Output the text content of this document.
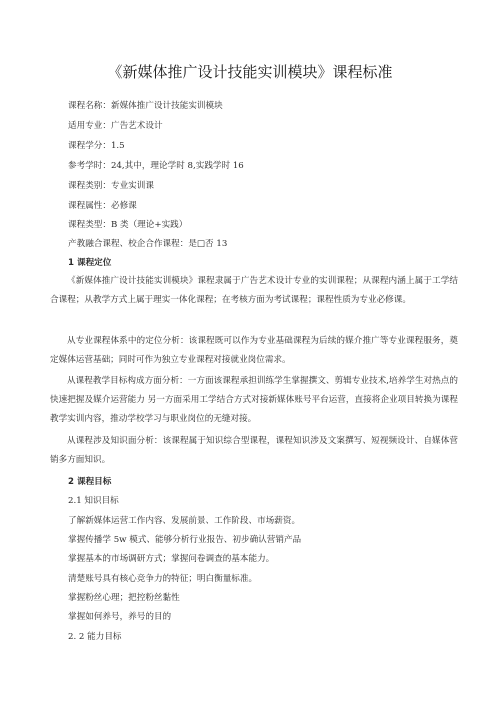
《新媒体推广设计技能实训模块》课程标准
课程名称：新媒体推广设计技能实训模块
适用专业：广告艺术设计
课程学分：1.5
参考学时：24,其中，理论学时 8,实践学时 16
课程类别：专业实训课
课程属性：必修课
课程类型：B 类（理论+实践）
产教融合课程、校企合作课程：是□否 13
1 课程定位
《新媒体推广设计技能实训模块》课程隶属于广告艺术设计专业的实训课程；从课程内涵上属于工学结合课程；从教学方式上属于理实一体化课程；在考核方面为考试课程；课程性质为专业必修课。
从专业课程体系中的定位分析：该课程既可以作为专业基础课程为后续的媒介推广等专业课程服务，奠定媒体运营基础；同时可作为独立专业课程对接就业岗位需求。
从课程教学目标构成方面分析：一方面该课程承担训练学生掌握撰文、剪辑专业技术,培养学生对热点的快速把握及媒介运营能力 另一方面采用工学结合方式对接新媒体账号平台运营，直接将企业项目转换为课程教学实训内容，推动学校学习与职业岗位的无缝对接。
从课程涉及知识面分析：该课程属于知识综合型课程，课程知识涉及文案撰写、短视频设计、自媒体营销多方面知识。
2 课程目标
2.1 知识目标
了解新媒体运营工作内容、发展前景、工作阶段、市场薪资。
掌握传播学 5w 模式、能够分析行业报告、初步确认营销产品
掌握基本的市场调研方式；掌握问卷调查的基本能力。
清楚账号具有核心竞争力的特征；明白衡量标准。
掌握粉丝心理；把控粉丝黏性
掌握如何养号，养号的目的
2. 2 能力目标
